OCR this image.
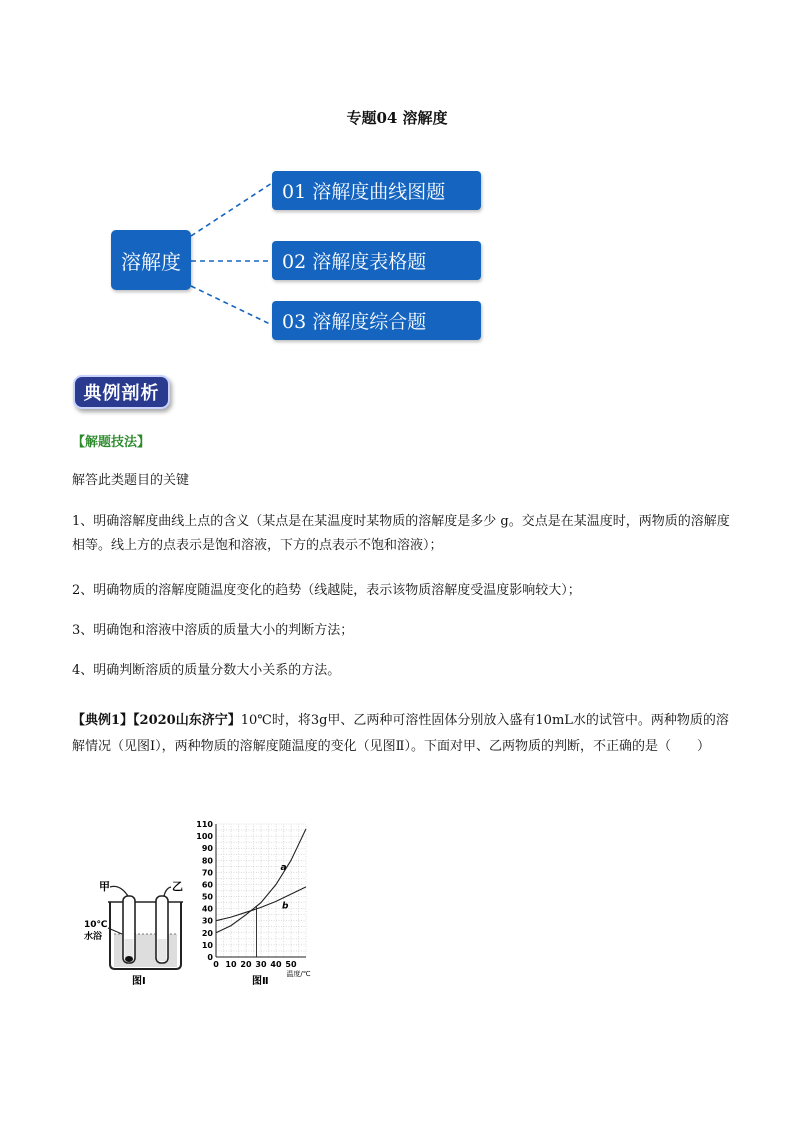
专题04 溶解度
溶解度
01 溶解度曲线图题
02 溶解度表格题
03 溶解度综合题
典例剖析
【解题技法】
解答此类题目的关键
1、明确溶解度曲线上点的含义（某点是在某温度时某物质的溶解度是多少 g。交点是在某温度时，两物质的溶解度相等。线上方的点表示是饱和溶液，下方的点表示不饱和溶液）；
2、明确物质的溶解度随温度变化的趋势（线越陡，表示该物质溶解度受温度影响较大）；
3、明确饱和溶液中溶质的质量大小的判断方法；
4、明确判断溶质的质量分数大小关系的方法。
【典例1】【2020山东济宁】10℃时，将3g甲、乙两种可溶性固体分别放入盛有10mL水的试管中。两种物质的溶解情况（见图Ⅰ），两种物质的溶解度随温度的变化（见图Ⅱ）。下面对甲、乙两物质的判断，不正确的是（　　）
甲	乙
10℃
水浴
图Ⅰ
0
10
20
30
40
50
60
70
80
90
100
110
0 10 20 30 40 50
温度/℃
a
b
图Ⅱ
